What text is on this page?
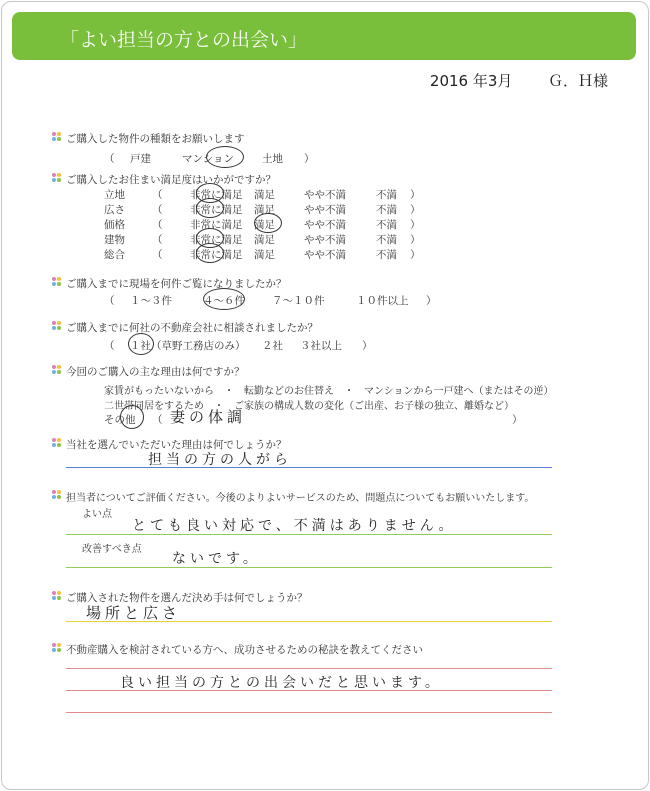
「よい担当の方との出会い」
2016 年3月 Ｇ．Ｈ様
ご購入した物件の種類をお願いします
（ 戸建	マンション	土地 ）
ご購入したお住まい満足度はいかがですか？
立地	（	非常に満足 満足	やや不満	不満 ）
広さ	（	非常に満足 満足	やや不満	不満 ）
価格	（	非常に満足 満足	やや不満	不満 ）
建物	（	非常に満足 満足	やや不満	不満 ）
総合	（	非常に満足 満足	やや不満	不満 ）
ご購入までに現場を何件ご覧になりましたか？
（ １～３件	４～６件	７～１０件	１０件以上 ）
ご購入までに何社の不動産会社に相談されましたか？
（ １社（草野工務店のみ） ２社 ３社以上 ）
今回のご購入の主な理由は何ですか？
家賃がもったいないから　・　転勤などのお住替え　・　マンションから一戸建へ（またはその逆）
二世帯同居をするため　・　ご家族の構成人数の変化（ご出産、お子様の独立、離婚など）
その他 （ 妻の体調	）
当社を選んでいただいた理由は何でしょうか？
担当の方の人がら
担当者についてご評価ください。今後のよりよいサービスのため、問題点についてもお願いいたします。
よい点
とても良い対応で、不満はありません。
改善すべき点
ないです。
ご購入された物件を選んだ決め手は何でしょうか？
場所と広さ
不動産購入を検討されている方へ、成功させるための秘訣を教えてください
良い担当の方との出会いだと思います。
